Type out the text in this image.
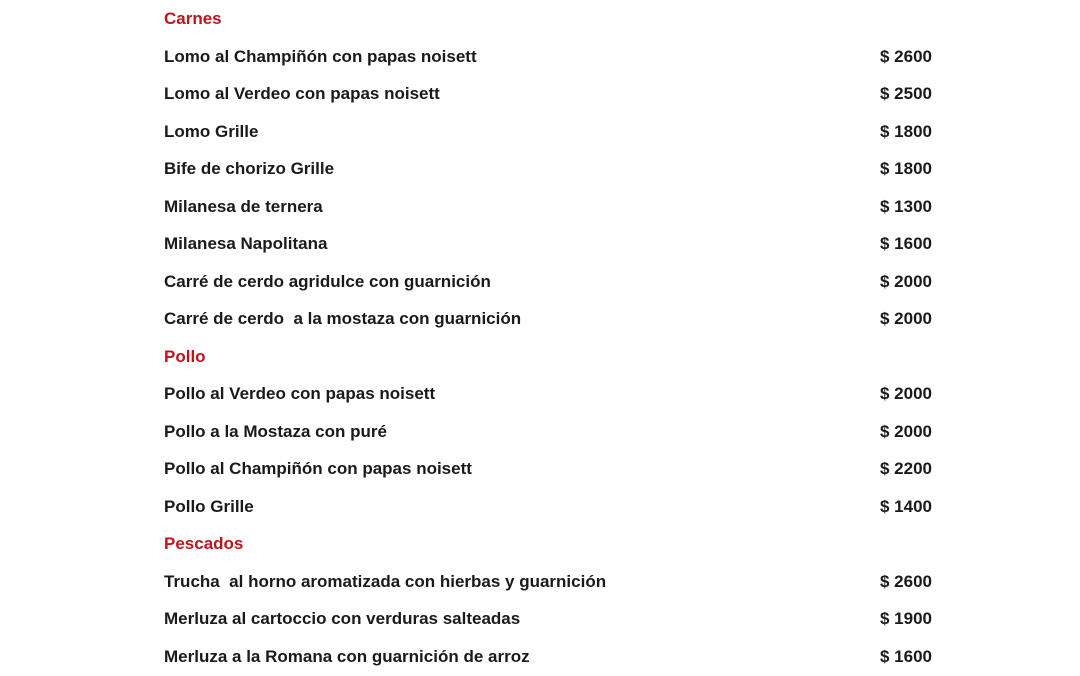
Carnes
Lomo al Champiñón con papas noisett	$ 2600
Lomo al Verdeo con papas noisett	$ 2500
Lomo Grille	$ 1800
Bife de chorizo Grille	$ 1800
Milanesa de ternera	$ 1300
Milanesa Napolitana	$ 1600
Carré de cerdo agridulce con guarnición	$ 2000
Carré de cerdo  a la mostaza con guarnición	$ 2000
Pollo
Pollo al Verdeo con papas noisett	$ 2000
Pollo a la Mostaza con puré	$ 2000
Pollo al Champiñón con papas noisett	$ 2200
Pollo Grille	$ 1400
Pescados
Trucha  al horno aromatizada con hierbas y guarnición	$ 2600
Merluza al cartoccio con verduras salteadas	$ 1900
Merluza a la Romana con guarnición de arroz	$ 1600
